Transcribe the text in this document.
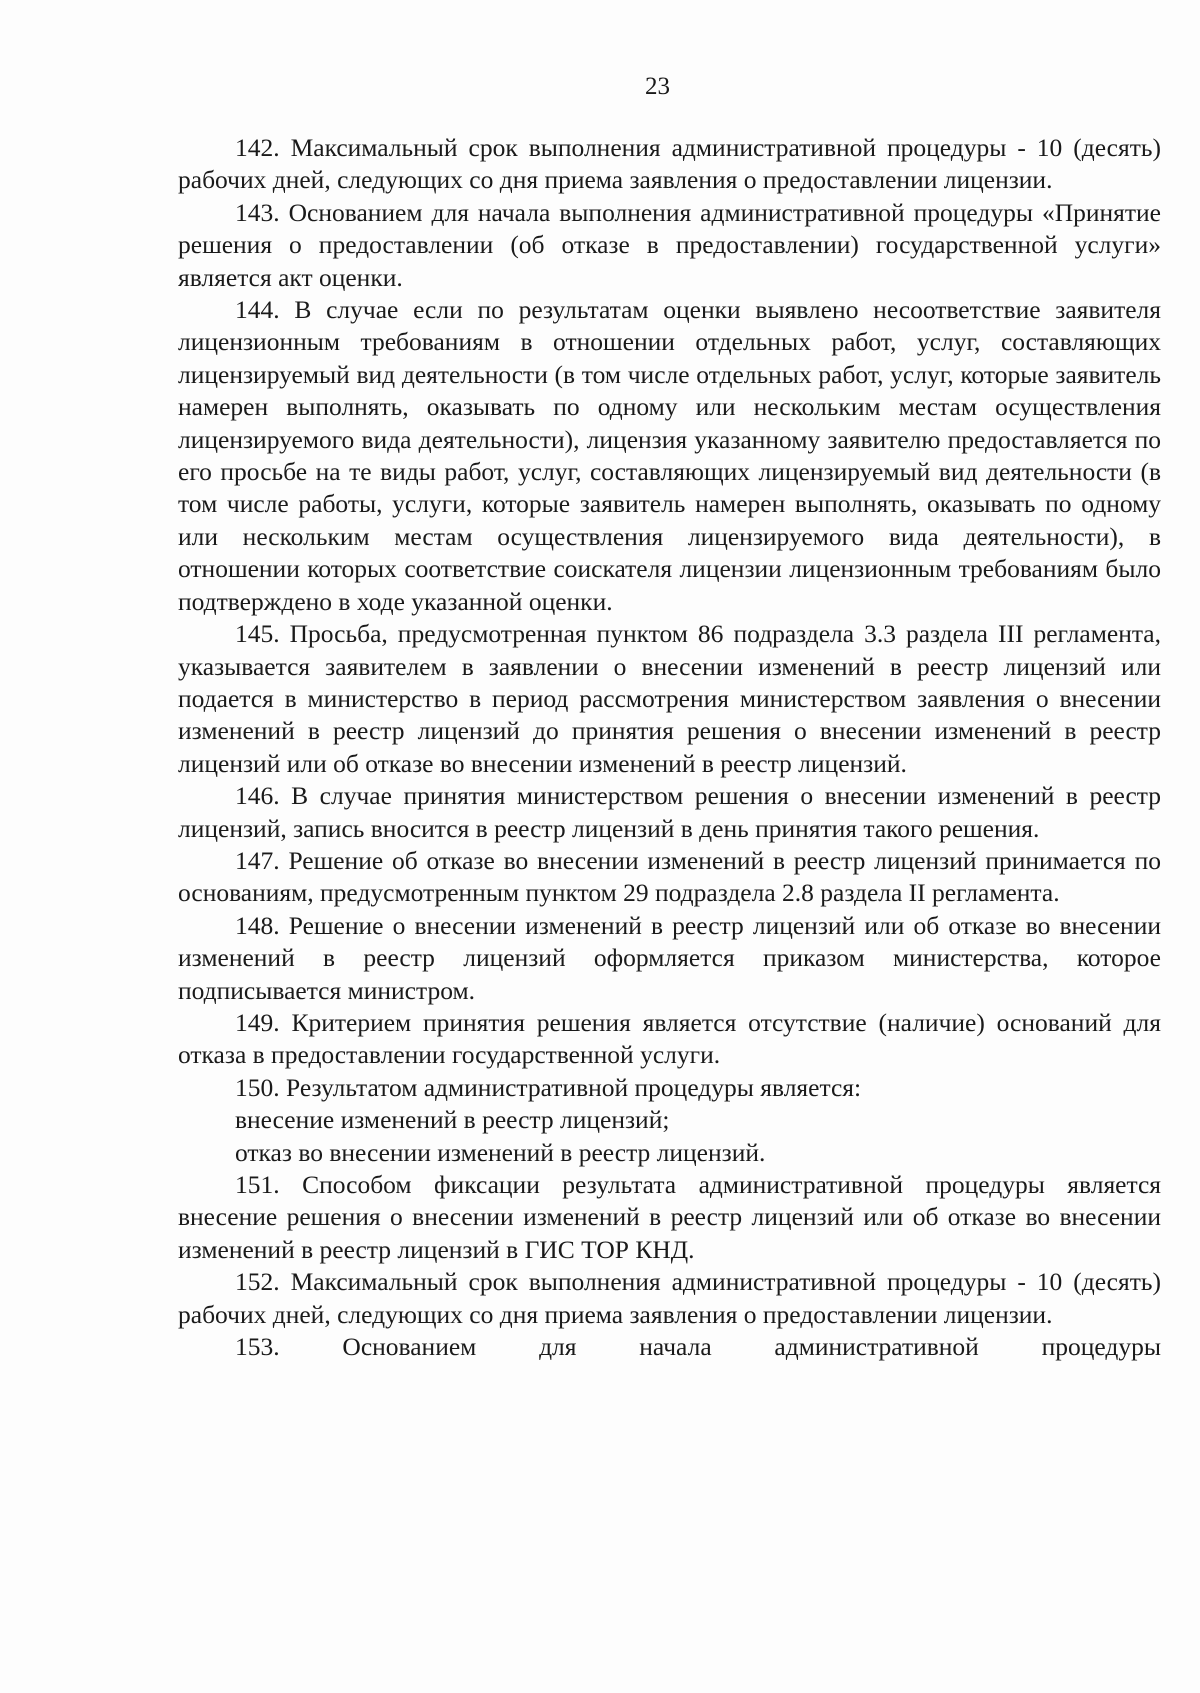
23

142. Максимальный срок выполнения административной процедуры - 10 (десять) рабочих дней, следующих со дня приема заявления о предоставлении лицензии.

143. Основанием для начала выполнения административной процедуры «Принятие решения о предоставлении (об отказе в предоставлении) государственной услуги» является акт оценки.

144. В случае если по результатам оценки выявлено несоответствие заявителя лицензионным требованиям в отношении отдельных работ, услуг, составляющих лицензируемый вид деятельности (в том числе отдельных работ, услуг, которые заявитель намерен выполнять, оказывать по одному или нескольким местам осуществления лицензируемого вида деятельности), лицензия указанному заявителю предоставляется по его просьбе на те виды работ, услуг, составляющих лицензируемый вид деятельности (в том числе работы, услуги, которые заявитель намерен выполнять, оказывать по одному или нескольким местам осуществления лицензируемого вида деятельности), в отношении которых соответствие соискателя лицензии лицензионным требованиям было подтверждено в ходе указанной оценки.

145. Просьба, предусмотренная пунктом 86 подраздела 3.3 раздела III регламента, указывается заявителем в заявлении о внесении изменений в реестр лицензий или подается в министерство в период рассмотрения министерством заявления о внесении изменений в реестр лицензий до принятия решения о внесении изменений в реестр лицензий или об отказе во внесении изменений в реестр лицензий.

146. В случае принятия министерством решения о внесении изменений в реестр лицензий, запись вносится в реестр лицензий в день принятия такого решения.

147. Решение об отказе во внесении изменений в реестр лицензий принимается по основаниям, предусмотренным пунктом 29 подраздела 2.8 раздела II регламента.

148. Решение о внесении изменений в реестр лицензий или об отказе во внесении изменений в реестр лицензий оформляется приказом министерства, которое подписывается министром.

149. Критерием принятия решения является отсутствие (наличие) оснований для отказа в предоставлении государственной услуги.

150. Результатом административной процедуры является:

внесение изменений в реестр лицензий;

отказ во внесении изменений в реестр лицензий.

151. Способом фиксации результата административной процедуры является внесение решения о внесении изменений в реестр лицензий или об отказе во внесении изменений в реестр лицензий в ГИС ТОР КНД.

152. Максимальный срок выполнения административной процедуры - 10 (десять) рабочих дней, следующих со дня приема заявления о предоставлении лицензии.

153. Основанием для начала административной процедуры
